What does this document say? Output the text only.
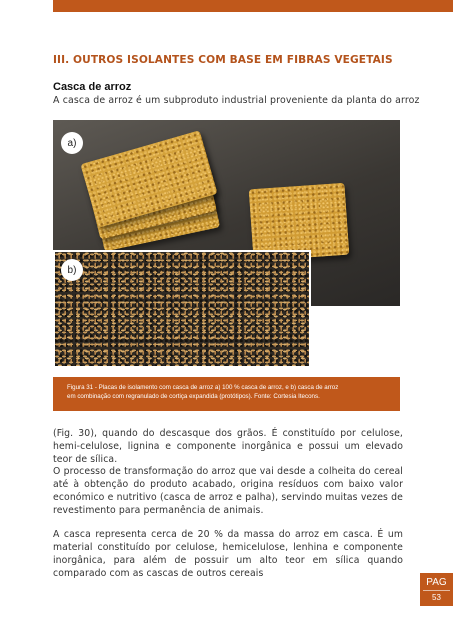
III. OUTROS ISOLANTES COM BASE EM FIBRAS VEGETAIS
Casca de arroz
A casca de arroz é um subproduto industrial proveniente da planta do arroz
a)
b)
Figura 31 - Placas de isolamento com casca de arroz a) 100 % casca de arroz, e b) casca de arroz
em combinação com regranulado de cortiça expandida (protótipos). Fonte: Cortesia Itecons.
(Fig. 30), quando do descasque dos grãos. É constituído por celulose, hemi-celulose, lignina e componente inorgânica e possui um elevado teor de sílica.
O processo de transformação do arroz que vai desde a colheita do cereal até à obtenção do produto acabado, origina resíduos com baixo valor económico e nutritivo (casca de arroz e palha), servindo muitas vezes de revestimento para permanência de animais.
A casca representa cerca de 20 % da massa do arroz em casca. É um material constituído por celulose, hemicelulose, lenhina e componente inorgânica, para além de possuir um alto teor em sílica quando comparado com as cascas de outros cereais
PAG
53
